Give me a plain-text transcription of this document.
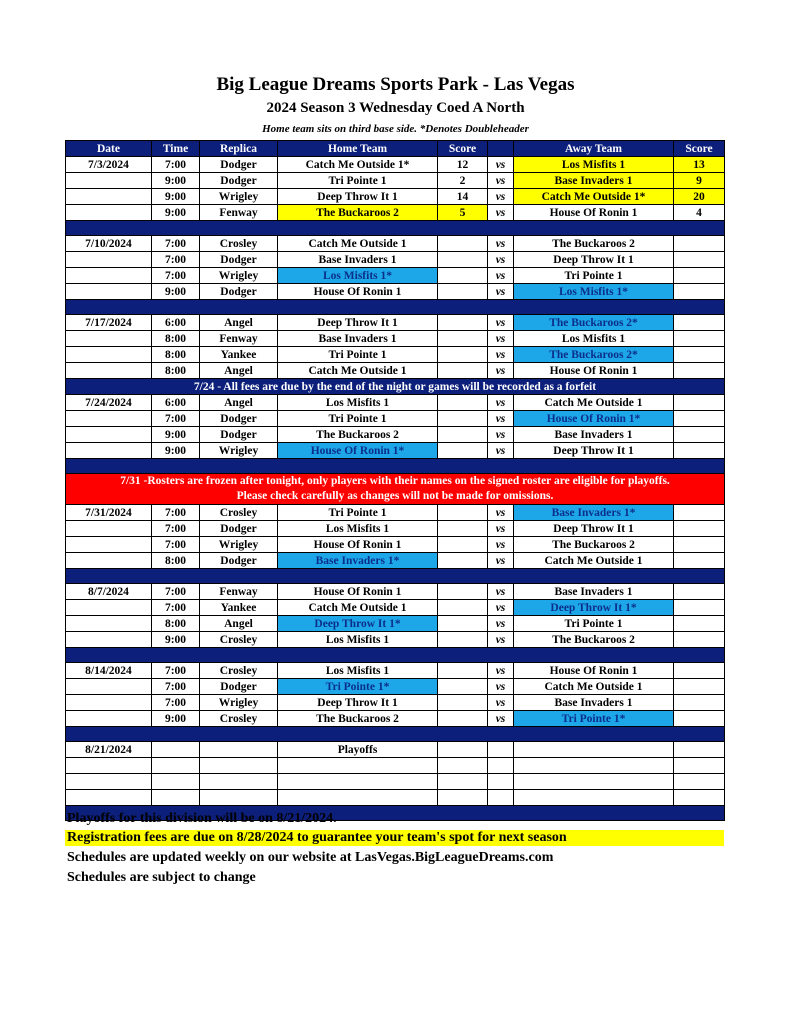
Big League Dreams Sports Park - Las Vegas
2024 Season 3 Wednesday Coed A North
Home team sits on third base side. *Denotes Doubleheader
Date	Time	Replica	Home Team	Score		Away Team	Score
7/3/2024	7:00	Dodger	Catch Me Outside 1*	12	vs	Los Misfits 1	13
	9:00	Dodger	Tri Pointe 1	2	vs	Base Invaders 1	9
	9:00	Wrigley	Deep Throw It 1	14	vs	Catch Me Outside 1*	20
	9:00	Fenway	The Buckaroos 2	5	vs	House Of Ronin 1	4

7/10/2024	7:00	Crosley	Catch Me Outside 1		vs	The Buckaroos 2	
	7:00	Dodger	Base Invaders 1		vs	Deep Throw It 1	
	7:00	Wrigley	Los Misfits 1*		vs	Tri Pointe 1	
	9:00	Dodger	House Of Ronin 1		vs	Los Misfits 1*	

7/17/2024	6:00	Angel	Deep Throw It 1		vs	The Buckaroos 2*	
	8:00	Fenway	Base Invaders 1		vs	Los Misfits 1	
	8:00	Yankee	Tri Pointe 1		vs	The Buckaroos 2*	
	8:00	Angel	Catch Me Outside 1		vs	House Of Ronin 1	
7/24 - All fees are due by the end of the night or games will be recorded as a forfeit							
7/24/2024	6:00	Angel	Los Misfits 1		vs	Catch Me Outside 1	
	7:00	Dodger	Tri Pointe 1		vs	House Of Ronin 1*	
	9:00	Dodger	The Buckaroos 2		vs	Base Invaders 1	
	9:00	Wrigley	House Of Ronin 1*		vs	Deep Throw It 1	

7/31 -Rosters are frozen after tonight, only players with their names on the signed roster are eligible for playoffs.
Please check carefully as changes will not be made for omissions.							

7/31/2024	7:00	Crosley	Tri Pointe 1		vs	Base Invaders 1*	
	7:00	Dodger	Los Misfits 1		vs	Deep Throw It 1	
	7:00	Wrigley	House Of Ronin 1		vs	The Buckaroos 2	
	8:00	Dodger	Base Invaders 1*		vs	Catch Me Outside 1	

8/7/2024	7:00	Fenway	House Of Ronin 1		vs	Base Invaders 1	
	7:00	Yankee	Catch Me Outside 1		vs	Deep Throw It 1*	
	8:00	Angel	Deep Throw It 1*		vs	Tri Pointe 1	
	9:00	Crosley	Los Misfits 1		vs	The Buckaroos 2	

8/14/2024	7:00	Crosley	Los Misfits 1		vs	House Of Ronin 1	
	7:00	Dodger	Tri Pointe 1*		vs	Catch Me Outside 1	
	7:00	Wrigley	Deep Throw It 1		vs	Base Invaders 1	
	9:00	Crosley	The Buckaroos 2		vs	Tri Pointe 1*	

8/21/2024			Playoffs				

Playoffs for this division will be on 8/21/2024.
Registration fees are due on 8/28/2024 to guarantee your team's spot for next season
Schedules are updated weekly on our website at LasVegas.BigLeagueDreams.com
Schedules are subject to change
